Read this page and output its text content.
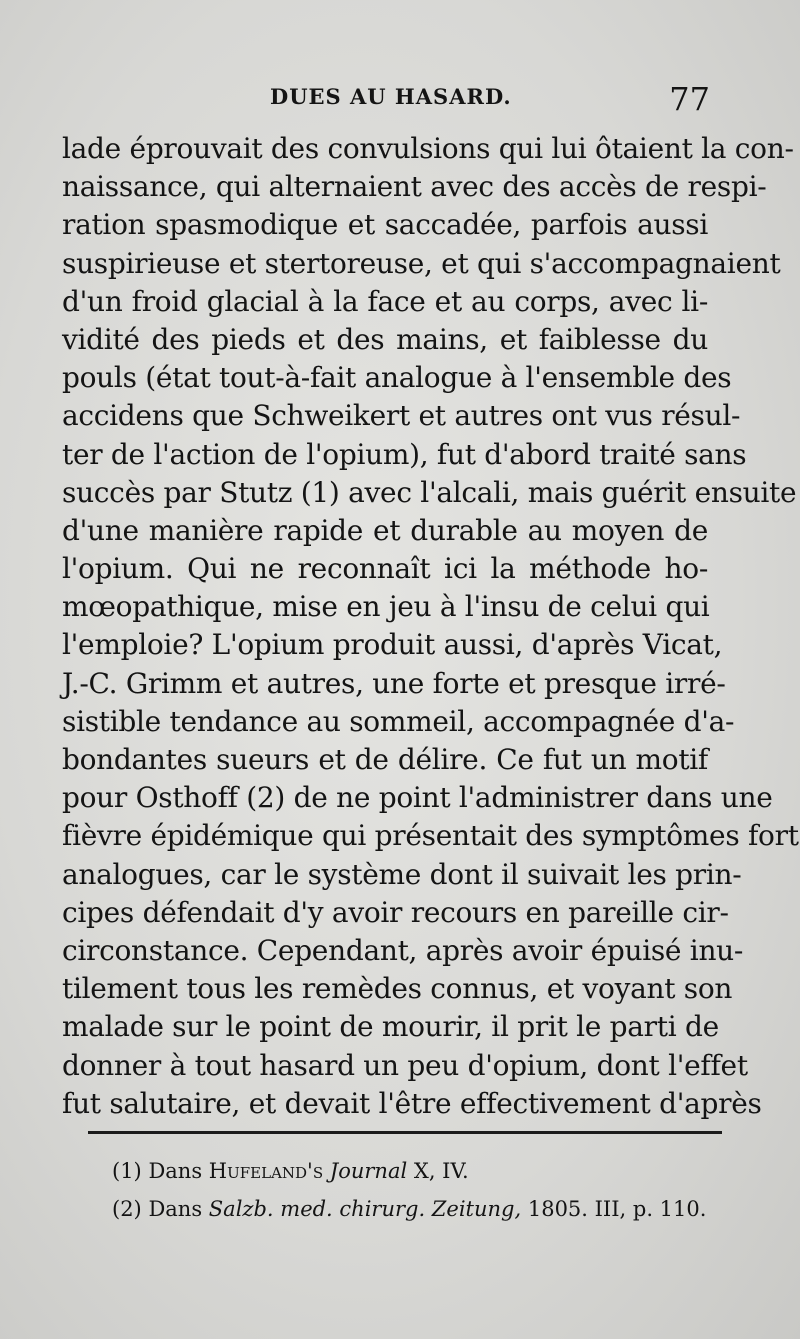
DUES AU HASARD.	77
lade éprouvait des convulsions qui lui ôtaient la con-
naissance, qui alternaient avec des accès de respi-
ration spasmodique et saccadée, parfois aussi
suspirieuse et stertoreuse, et qui s'accompagnaient
d'un froid glacial à la face et au corps, avec li-
vidité des pieds et des mains, et faiblesse du
pouls (état tout-à-fait analogue à l'ensemble des
accidens que Schweikert et autres ont vus résul-
ter de l'action de l'opium), fut d'abord traité sans
succès par Stutz (1) avec l'alcali, mais guérit ensuite
d'une manière rapide et durable au moyen de
l'opium. Qui ne reconnaît ici la méthode ho-
mœopathique, mise en jeu à l'insu de celui qui
l'emploie? L'opium produit aussi, d'après Vicat,
J.-C. Grimm et autres, une forte et presque irré-
sistible tendance au sommeil, accompagnée d'a-
bondantes sueurs et de délire. Ce fut un motif
pour Osthoff (2) de ne point l'administrer dans une
fièvre épidémique qui présentait des symptômes fort
analogues, car le système dont il suivait les prin-
cipes défendait d'y avoir recours en pareille cir-
circonstance. Cependant, après avoir épuisé inu-
tilement tous les remèdes connus, et voyant son
malade sur le point de mourir, il prit le parti de
donner à tout hasard un peu d'opium, dont l'effet
fut salutaire, et devait l'être effectivement d'après
(1) Dans Hufeland's Journal X, IV.
(2) Dans Salzb. med. chirurg. Zeitung, 1805. III, p. 110.
